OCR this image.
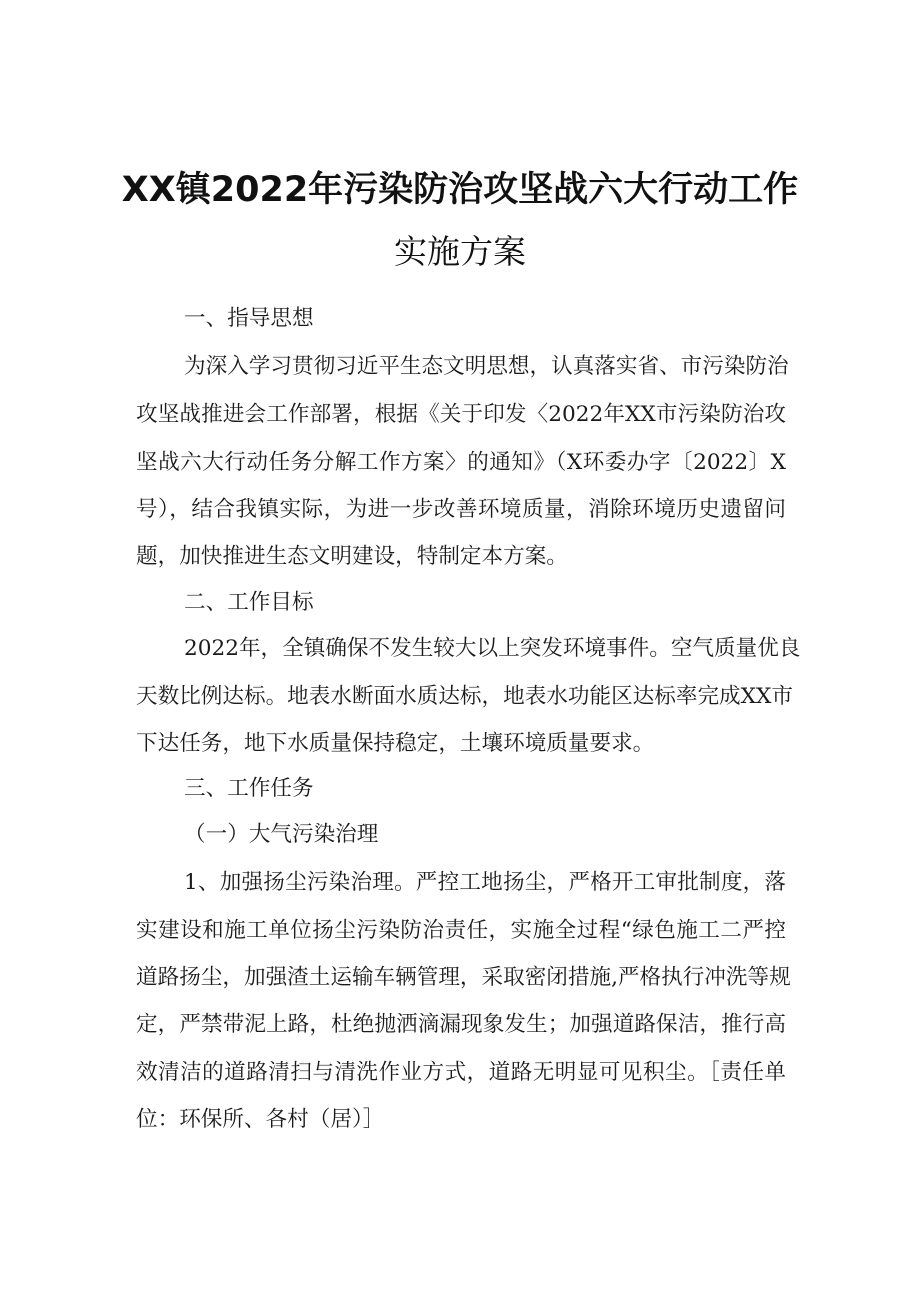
XX镇2022年污染防治攻坚战六大行动工作
实施方案
一、指导思想
为深入学习贯彻习近平生态文明思想，认真落实省、市污染防治
攻坚战推进会工作部署，根据《关于印发〈2022年XX市污染防治攻
坚战六大行动任务分解工作方案〉的通知》（X环委办字〔2022〕X
号），结合我镇实际，为进一步改善环境质量，消除环境历史遗留问
题，加快推进生态文明建设，特制定本方案。
二、工作目标
2022年，全镇确保不发生较大以上突发环境事件。空气质量优良
天数比例达标。地表水断面水质达标，地表水功能区达标率完成XX市
下达任务，地下水质量保持稳定，土壤环境质量要求。
三、工作任务
（一）大气污染治理
1、加强扬尘污染治理。严控工地扬尘，严格开工审批制度，落
实建设和施工单位扬尘污染防治责任，实施全过程“绿色施工二严控
道路扬尘，加强渣土运输车辆管理，采取密闭措施,严格执行冲洗等规
定，严禁带泥上路，杜绝抛洒滴漏现象发生；加强道路保洁，推行高
效清洁的道路清扫与清洗作业方式，道路无明显可见积尘。［责任单
位：环保所、各村（居）］
